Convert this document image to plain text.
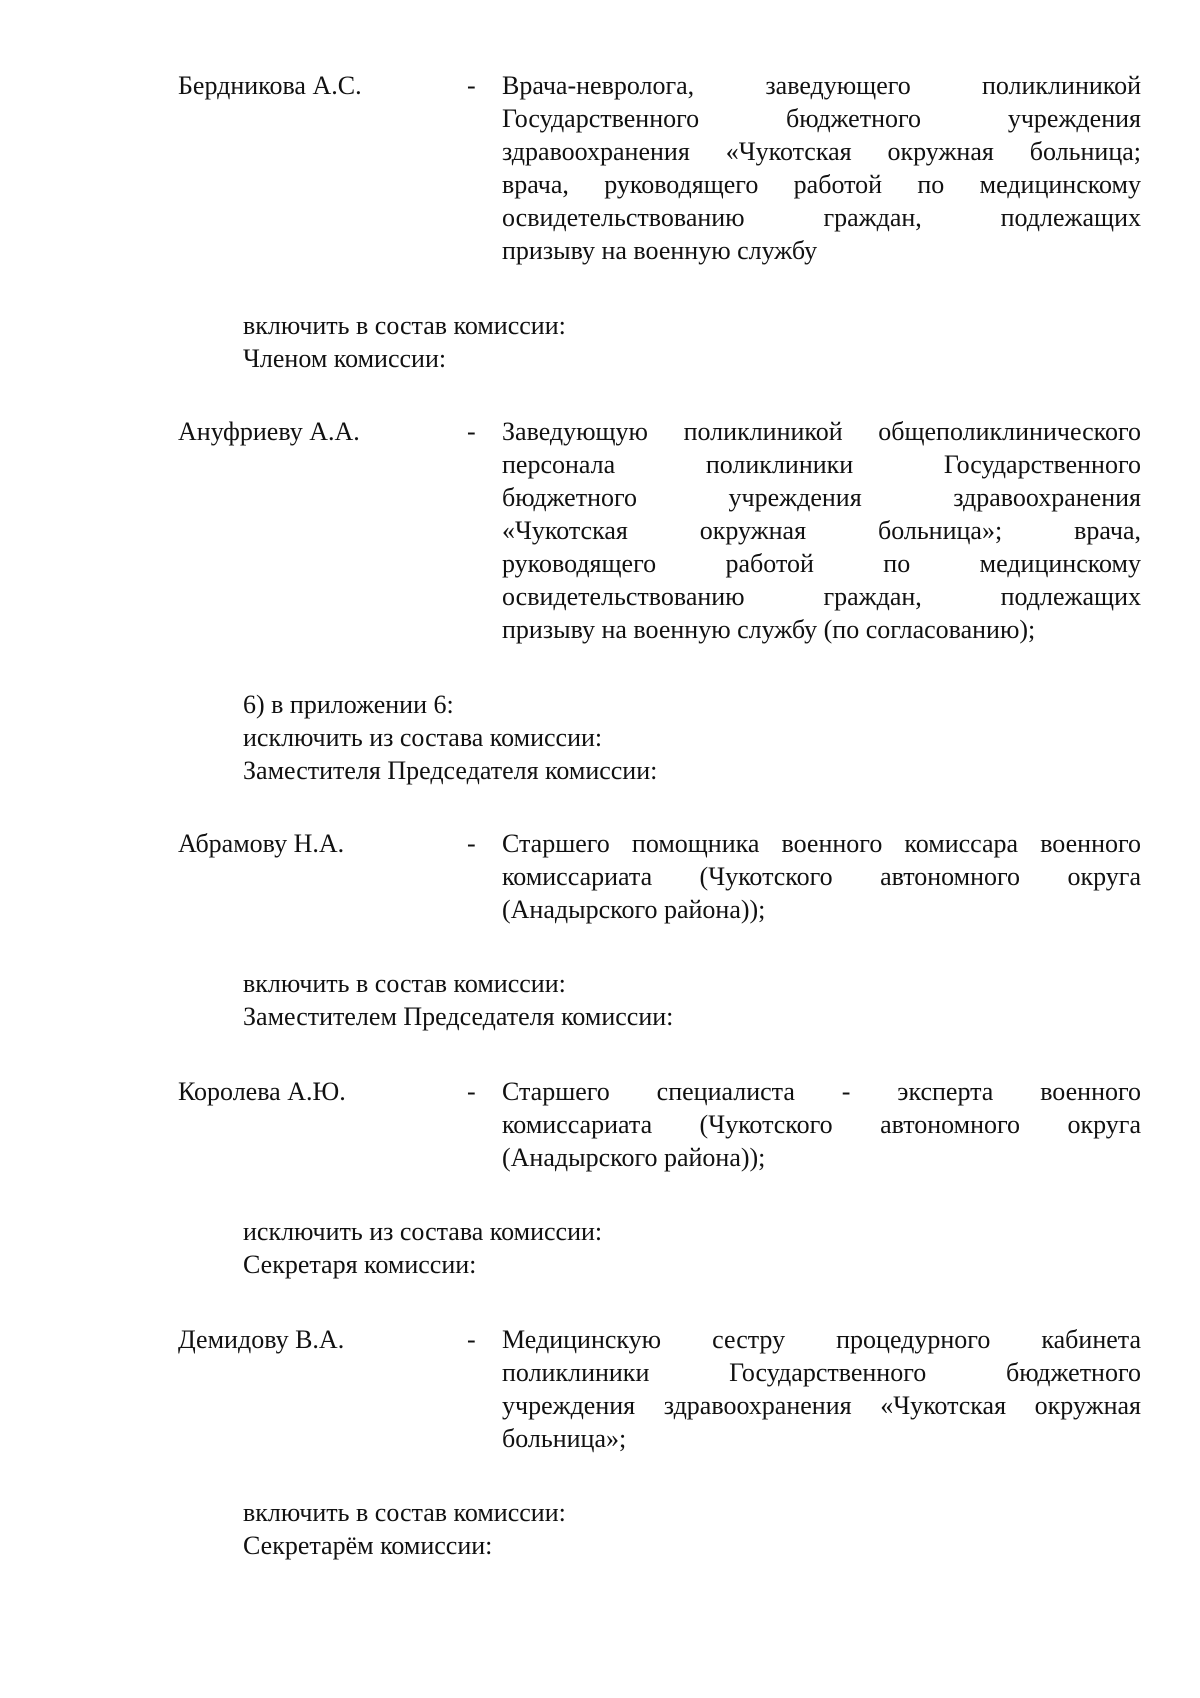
Бердникова А.С.	- Врача-невролога, заведующего поликлиникой
Государственного бюджетного учреждения
здравоохранения «Чукотская окружная больница;
врача, руководящего работой по медицинскому
освидетельствованию граждан, подлежащих
призыву на военную службу
включить в состав комиссии:
Членом комиссии:
Ануфриеву А.А.	- Заведующую поликлиникой общеполиклинического
персонала поликлиники Государственного
бюджетного учреждения здравоохранения
«Чукотская окружная больница»; врача,
руководящего работой по медицинскому
освидетельствованию граждан, подлежащих
призыву на военную службу (по согласованию);
6) в приложении 6:
исключить из состава комиссии:
Заместителя Председателя комиссии:
Абрамову Н.А.	- Старшего помощника военного комиссара военного
комиссариата (Чукотского автономного округа
(Анадырского района));
включить в состав комиссии:
Заместителем Председателя комиссии:
Королева А.Ю.	- Старшего специалиста - эксперта военного
комиссариата (Чукотского автономного округа
(Анадырского района));
исключить из состава комиссии:
Секретаря комиссии:
Демидову В.А.	- Медицинскую сестру процедурного кабинета
поликлиники Государственного бюджетного
учреждения здравоохранения «Чукотская окружная
больница»;
включить в состав комиссии:
Секретарём комиссии:
